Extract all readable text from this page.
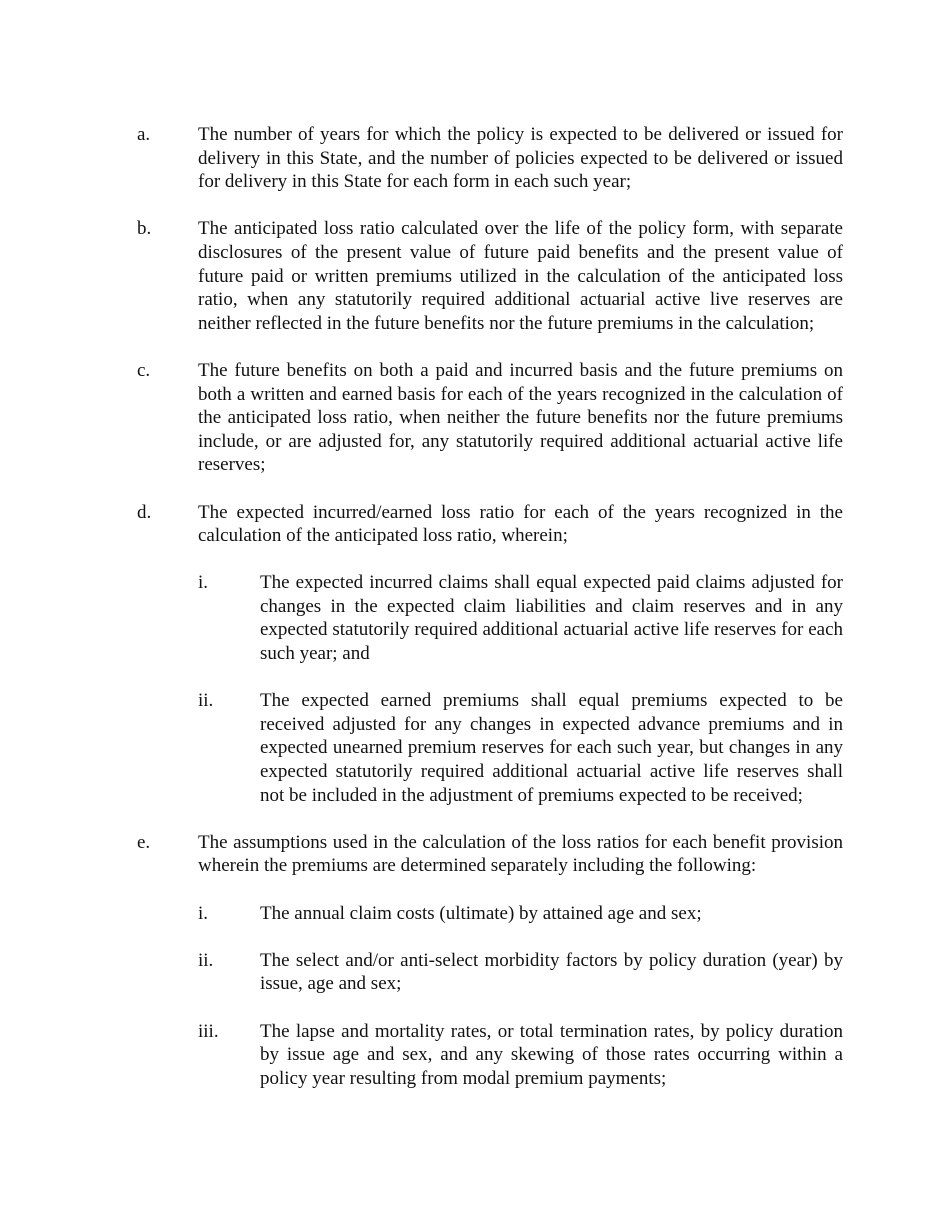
a.	The number of years for which the policy is expected to be delivered or issued for delivery in this State, and the number of policies expected to be delivered or issued for delivery in this State for each form in each such year;
b. The anticipated loss ratio calculated over the life of the policy form, with separate disclosures of the present value of future paid benefits and the present value of future paid or written premiums utilized in the calculation of the anticipated loss ratio, when any statutorily required additional actuarial active live reserves are neither reflected in the future benefits nor the future premiums in the calculation;
c.	The future benefits on both a paid and incurred basis and the future premiums on both a written and earned basis for each of the years recognized in the calculation of the anticipated loss ratio, when neither the future benefits nor the future premiums include, or are adjusted for, any statutorily required additional actuarial active life reserves;
d. The expected incurred/earned loss ratio for each of the years recognized in the calculation of the anticipated loss ratio, wherein;
i.	The expected incurred claims shall equal expected paid claims adjusted for changes in the expected claim liabilities and claim reserves and in any expected statutorily required additional actuarial active life reserves for each such year; and
ii. The expected earned premiums shall equal premiums expected to be received adjusted for any changes in expected advance premiums and in expected unearned premium reserves for each such year, but changes in any expected statutorily required additional actuarial active life reserves shall not be included in the adjustment of premiums expected to be received;
e.	The assumptions used in the calculation of the loss ratios for each benefit provision wherein the premiums are determined separately including the following:
i.	The annual claim costs (ultimate) by attained age and sex;
ii. The select and/or anti-select morbidity factors by policy duration (year) by issue, age and sex;
iii. The lapse and mortality rates, or total termination rates, by policy duration by issue age and sex, and any skewing of those rates occurring within a policy year resulting from modal premium payments;
